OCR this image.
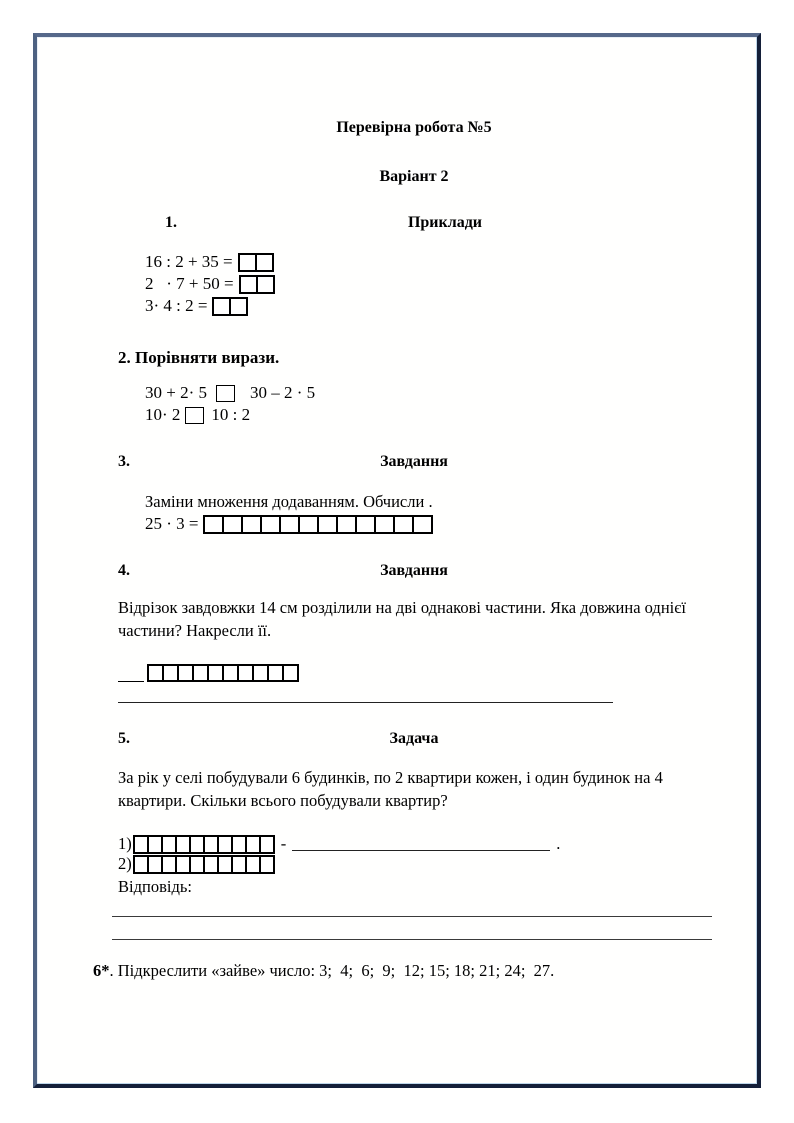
Перевірна робота №5
Варіант 2
1.	Приклади
16 : 2 + 35 =
2   · 7 + 50 =
3· 4 : 2 =
2. Порівняти вирази.
30 + 2· 5	30 – 2 · 5
10· 2 10 : 2
3.	Завдання
Заміни множення додаванням. Обчисли .
25 · 3 =
4.	Завдання
Відрізок завдовжки 14 см розділили на дві однакові частини. Яка довжина однієї частини? Накресли її.
5.	Задача
За рік у селі побудували 6 будинків, по 2 квартири кожен, і один будинок на 4 квартири. Скільки всього побудували квартир?
1)	-	.
2)
Відповідь:
6*. Підкреслити «зайве» число: 3;  4;  6;  9;  12; 15; 18; 21; 24;  27.
